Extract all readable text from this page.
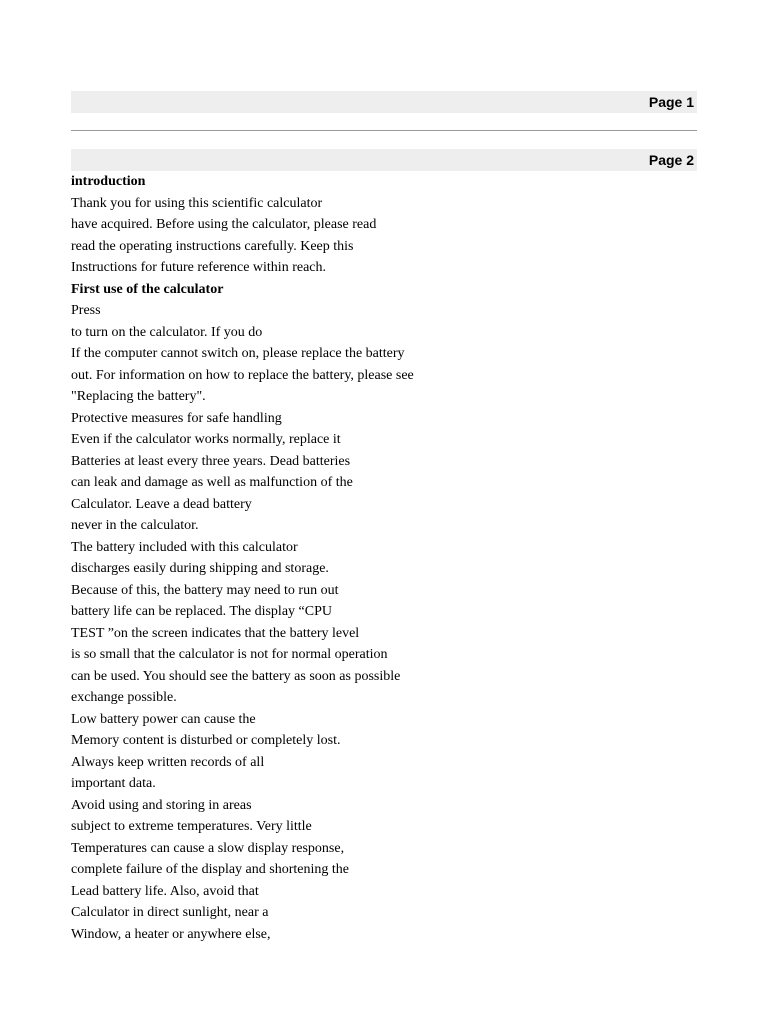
Page 1
Page 2
introduction
Thank you for using this scientific calculator
have acquired. Before using the calculator, please read
read the operating instructions carefully. Keep this
Instructions for future reference within reach.
First use of the calculator
Press
to turn on the calculator. If you do
If the computer cannot switch on, please replace the battery
out. For information on how to replace the battery, please see
"Replacing the battery".
Protective measures for safe handling
Even if the calculator works normally, replace it
Batteries at least every three years. Dead batteries
can leak and damage as well as malfunction of the
Calculator. Leave a dead battery
never in the calculator.
The battery included with this calculator
discharges easily during shipping and storage.
Because of this, the battery may need to run out
battery life can be replaced. The display “CPU
TEST ”on the screen indicates that the battery level
is so small that the calculator is not for normal operation
can be used. You should see the battery as soon as possible
exchange possible.
Low battery power can cause the
Memory content is disturbed or completely lost.
Always keep written records of all
important data.
Avoid using and storing in areas
subject to extreme temperatures. Very little
Temperatures can cause a slow display response,
complete failure of the display and shortening the
Lead battery life. Also, avoid that
Calculator in direct sunlight, near a
Window, a heater or anywhere else,
